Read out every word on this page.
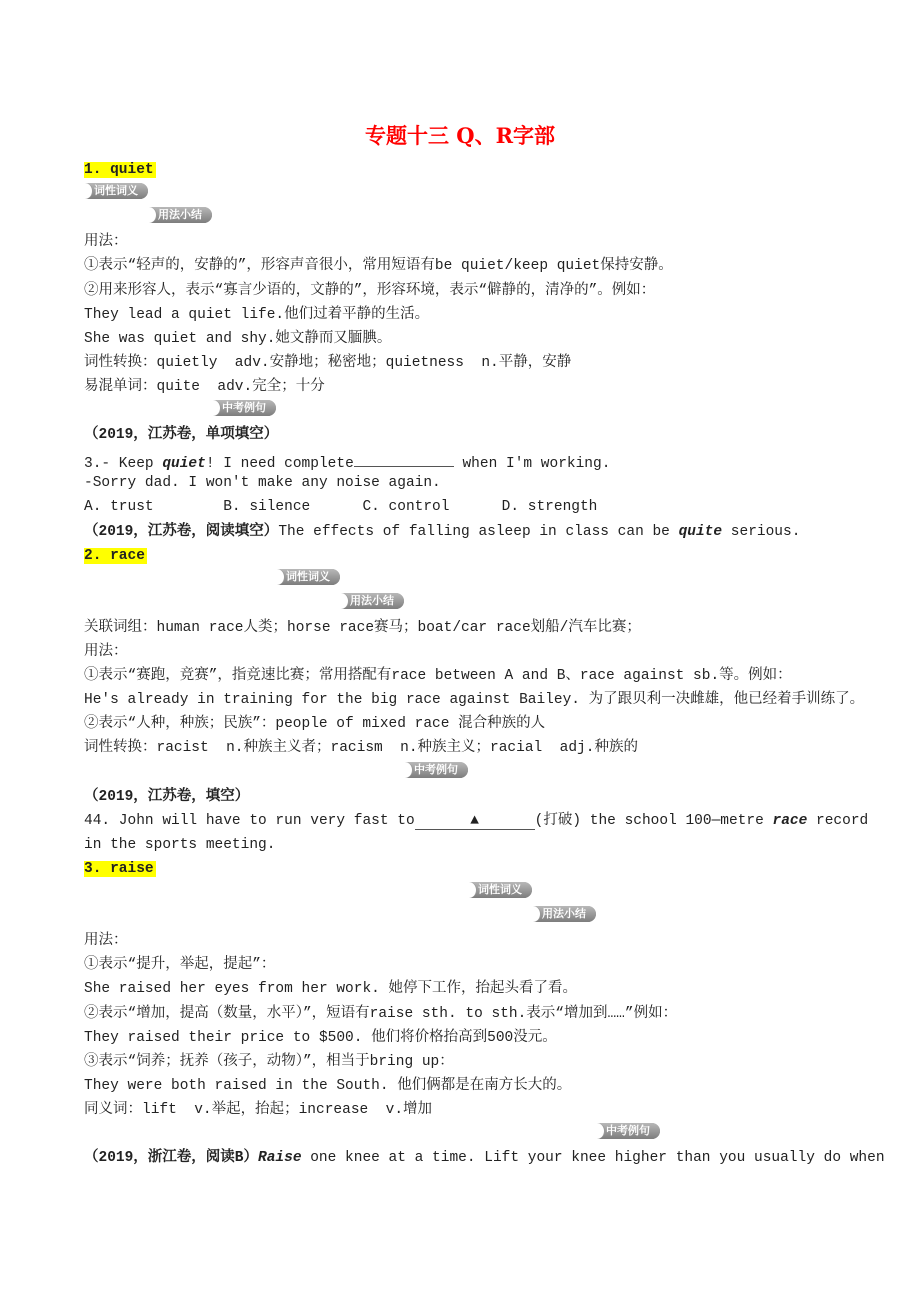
专题十三 Q、R字部
1. quiet
词性词义 adj.安静的，寂静的用法小结
用法：
①表示“轻声的，安静的”，形容声音很小，常用短语有be quiet/keep quiet保持安静。
②用来形容人，表示“寡言少语的，文静的”，形容环境，表示“僻静的，清净的”。例如：
They lead a quiet life.他们过着平静的生活。
She was quiet and shy.她文静而又腼腆。
词性转换：quietly  adv.安静地；秘密地；quietness  n.平静，安静
易混单词：quite  adv.完全；十分
中考例句
（2019，江苏卷，单项填空）
3.- Keep quiet! I need complete	when I'm working.
-Sorry dad. I won't make any noise again.
A. trust        B. silence      C. control      D. strength
（2019，江苏卷，阅读填空）The effects of falling asleep in class can be quite serious.
2. race
词性词义 n.竞赛，赛跑；种族，民族用法小结
关联词组：human race人类；horse race赛马；boat/car race划船/汽车比赛；
用法：
①表示“赛跑，竞赛”，指竞速比赛；常用搭配有race between A and B、race against sb.等。例如：
He's already in training for the big race against Bailey. 为了跟贝利一决雌雄，他已经着手训练了。
②表示“人种，种族；民族”：people of mixed race 混合种族的人
词性转换：racist  n.种族主义者；racism  n.种族主义；racial  adj.种族的
中考例句
（2019，江苏卷，填空）
44. John will have to run very fast to	▲	(打破) the school 100—metre race record
in the sports meeting.
3. raise
词性词义 v.提升，使升高；增加；饲养用法小结
用法：
①表示“提升，举起，提起”：
She raised her eyes from her work. 她停下工作，抬起头看了看。
②表示“增加，提高（数量，水平）”，短语有raise sth. to sth.表示“增加到……”例如：
They raised their price to $500. 他们将价格抬高到500没元。
③表示“饲养；抚养（孩子，动物）”，相当于bring up：
They were both raised in the South. 他们俩都是在南方长大的。
同义词：lift  v.举起，抬起；increase  v.增加
中考例句
（2019，浙江卷，阅读B）Raise one knee at a time. Lift your knee higher than you usually do when
